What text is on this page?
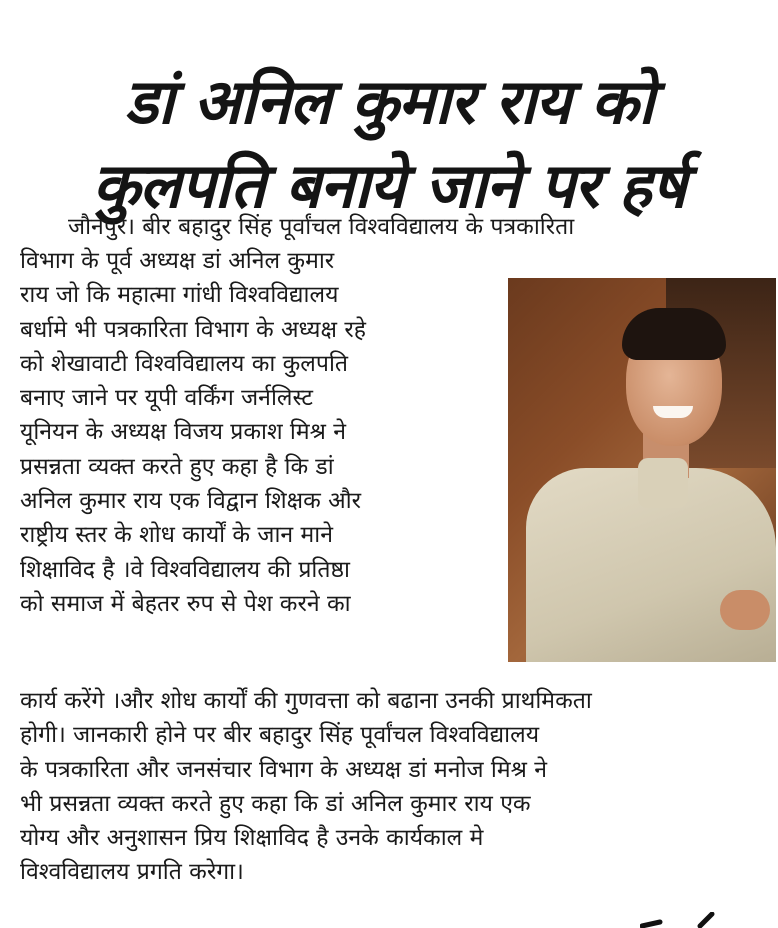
डां अनिल कुमार राय को
कुलपति बनाये जाने पर हर्ष
जौनपुर। बीर बहादुर सिंह पूर्वांचल विश्वविद्यालय के पत्रकारिता
विभाग के पूर्व अध्यक्ष डां अनिल कुमार
राय जो कि महात्मा गांधी विश्वविद्यालय
बर्धामे भी पत्रकारिता विभाग के अध्यक्ष रहे
को शेखावाटी विश्वविद्यालय का कुलपति
बनाए जाने पर यूपी वर्किंग जर्नलिस्ट
यूनियन के अध्यक्ष विजय प्रकाश मिश्र ने
प्रसन्नता व्यक्त करते हुए कहा है कि डां
अनिल कुमार राय एक विद्वान शिक्षक और
राष्ट्रीय स्तर के शोध कार्यों के जान माने
शिक्षाविद है ।वे विश्वविद्यालय की प्रतिष्ठा
को समाज में बेहतर रुप से पेश करने का
कार्य करेंगे ।और शोध कार्यों की गुणवत्ता को बढाना उनकी प्राथमिकता
होगी। जानकारी होने पर बीर बहादुर सिंह पूर्वांचल विश्वविद्यालय
के पत्रकारिता और जनसंचार विभाग के अध्यक्ष डां मनोज मिश्र ने
भी प्रसन्नता व्यक्त करते हुए कहा कि डां अनिल कुमार राय एक
योग्य और अनुशासन प्रिय शिक्षाविद है उनके कार्यकाल मे
विश्वविद्यालय प्रगति करेगा।
